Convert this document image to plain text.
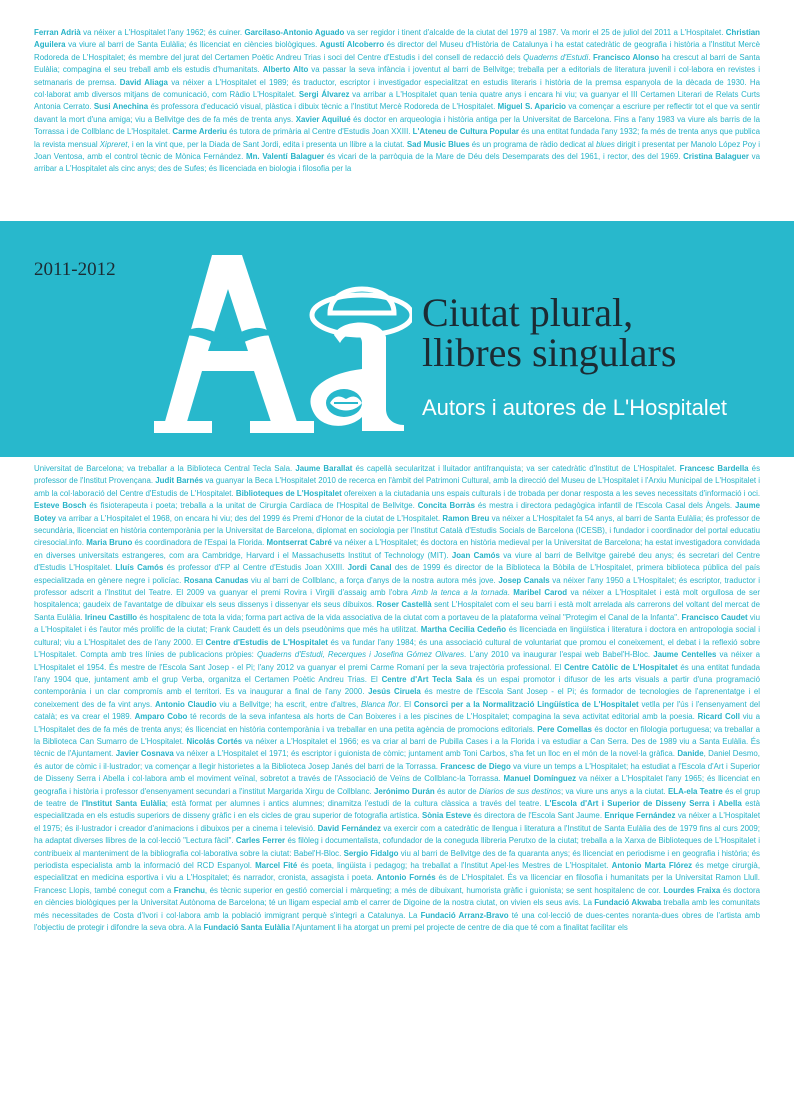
Ferran Adrià va néixer a L'Hospitalet l'any 1962; és cuiner. Garcilaso-Antonio Aguado va ser regidor i tinent d'alcalde de la ciutat del 1979 al 1987. Va morir el 25 de juliol del 2011 a L'Hospitalet. Christian Aguilera va viure al barri de Santa Eulàlia; és llicenciat en ciències biològiques. Agustí Alcoberro és director del Museu d'Història de Catalunya i ha estat catedràtic de geografia i història a l'Institut Mercè Rodoreda de L'Hospitalet; és membre del jurat del Certamen Poètic Andreu Trias i soci del Centre d'Estudis i del consell de redacció dels Quaderns d'Estudi. Francisco Alonso ha crescut al barri de Santa Eulàlia; compagina el seu treball amb els estudis d'humanitats. Alberto Alto va passar la seva infància i joventut al barri de Bellvitge; treballa per a editorials de literatura juvenil i col·labora en revistes i setmanaris de premsa. David Aliaga va néixer a L'Hospitalet el 1989; és traductor, escriptor i investigador especialitzat en estudis literaris i història de la premsa espanyola de la dècada de 1930. Ha col·laborat amb diversos mitjans de comunicació, com Ràdio L'Hospitalet. Sergi Álvarez va arribar a L'Hospitalet quan tenia quatre anys i encara hi viu; va guanyar el III Certamen Literari de Relats Curts Antonia Cerrato. Susi Anechina és professora d'educació visual, plàstica i dibuix tècnic a l'Institut Mercè Rodoreda de L'Hospitalet. Miguel S. Aparicio va començar a escriure per reflectir tot el que va sentir davant la mort d'una amiga; viu a Bellvitge des de fa més de trenta anys. Xavier Aquilué és doctor en arqueologia i història antiga per la Universitat de Barcelona. Fins a l'any 1983 va viure als barris de la Torrassa i de Collblanc de L'Hospitalet. Carme Arderiu és tutora de primària al Centre d'Estudis Joan XXIII. L'Ateneu de Cultura Popular és una entitat fundada l'any 1932; fa més de trenta anys que publica la revista mensual Xipreret, i en la vint que, per la Diada de Sant Jordi, edita i presenta un llibre a la ciutat. Sad Music Blues és un programa de ràdio dedicat al blues dirigit i presentat per Manolo López Poy i Joan Ventosa, amb el control tècnic de Mònica Fernández. Mn. Valentí Balaguer és vicari de la parròquia de la Mare de Déu dels Desemparats des del 1961, i rector, des del 1969. Cristina Balaguer va arribar a L'Hospitalet als cinc anys; des de Sufes; és llicenciada en biologia i filosofia per la
2011-2012
Ciutat plural,
llibres singulars
Autors i autores de L'Hospitalet
Universitat de Barcelona; va treballar a la Biblioteca Central Tecla Sala. Jaume Barallat és capellà secularitzat i lluitador antifranquista; va ser catedràtic d'Institut de L'Hospitalet. Francesc Bardella és professor de l'Institut Provençana. Judit Barnés va guanyar la Beca L'Hospitalet 2010 de recerca en l'àmbit del Patrimoni Cultural, amb la direcció del Museu de L'Hospitalet i l'Arxiu Municipal de L'Hospitalet i amb la col·laboració del Centre d'Estudis de L'Hospitalet. Biblioteques de L'Hospitalet ofereixen a la ciutadania uns espais culturals i de trobada per donar resposta a les seves necessitats d'informació i oci. Esteve Bosch és fisioterapeuta i poeta; treballa a la unitat de Cirurgia Cardíaca de l'Hospital de Bellvitge. Concita Borràs és mestra i directora pedagògica infantil de l'Escola Casal dels Àngels. Jaume Botey va arribar a L'Hospitalet el 1968, on encara hi viu; des del 1999 és Premi d'Honor de la ciutat de L'Hospitalet. Ramon Breu va néixer a L'Hospitalet fa 54 anys, al barri de Santa Eulàlia; és professor de secundària, llicenciat en història contemporània per la Universitat de Barcelona, diplomat en sociologia per l'Institut Català d'Estudis Socials de Barcelona (ICESB), i fundador i coordinador del portal educatiu ciresocial.info. Maria Bruno és coordinadora de l'Espai la Florida. Montserrat Cabré va néixer a L'Hospitalet; és doctora en història medieval per la Universitat de Barcelona; ha estat investigadora convidada en diverses universitats estrangeres, com ara Cambridge, Harvard i el Massachusetts Institut of Technology (MIT). Joan Camós va viure al barri de Bellvitge gairebé deu anys; és secretari del Centre d'Estudis L'Hospitalet. Lluís Camós és professor d'FP al Centre d'Estudis Joan XXIII. Jordi Canal des de 1999 és director de la Biblioteca la Bòbila de L'Hospitalet, primera biblioteca pública del país especialitzada en gènere negre i policíac. Rosana Canudas viu al barri de Collblanc, a força d'anys de la nostra autora més jove. Josep Canals va néixer l'any 1950 a L'Hospitalet; és escriptor, traductor i professor adscrit a l'Institut del Teatre. El 2009 va guanyar el premi Rovira i Virgili d'assaig amb l'obra Amb la tenca a la tornada. Maribel Carod va néixer a L'Hospitalet i està molt orgullosa de ser hospitalenca; gaudeix de l'avantatge de dibuixar els seus dissenys i dissenyar els seus dibuixos. Roser Castellà sent L'Hospitalet com el seu barri i està molt arrelada als carrerons del voltant del mercat de Santa Eulàlia. Irineu Castillo és hospitalenc de tota la vida; forma part activa de la vida associativa de la ciutat com a portaveu de la plataforma veïnal "Protegim el Canal de la Infanta". Francisco Caudet viu a L'Hospitalet i és l'autor més prolífic de la ciutat; Frank Caudett és un dels pseudònims que més ha utilitzat. Martha Cecilia Cedeño és llicenciada en lingüística i literatura i doctora en antropologia social i cultural; viu a L'Hospitalet des de l'any 2000. El Centre d'Estudis de L'Hospitalet és va fundar l'any 1984; és una associació cultural de voluntariat que promou el coneixement, el debat i la reflexió sobre L'Hospitalet. Compta amb tres línies de publicacions pròpies: Quaderns d'Estudi, Recerques i Josefina Gómez Olivares. L'any 2010 va inaugurar l'espai web Babel'H-Bloc. Jaume Centelles va néixer a L'Hospitalet el 1954. És mestre de l'Escola Sant Josep - el Pi; l'any 2012 va guanyar el premi Carme Romaní per la seva trajectòria professional. El Centre Catòlic de L'Hospitalet és una entitat fundada l'any 1904 que, juntament amb el grup Verba, organitza el Certamen Poètic Andreu Trias. El Centre d'Art Tecla Sala és un espai promotor i difusor de les arts visuals a partir d'una programació contemporània i un clar compromís amb el territori. Es va inaugurar a final de l'any 2000. Jesús Ciruela és mestre de l'Escola Sant Josep - el Pi; és formador de tecnologies de l'aprenentatge i el coneixement des de fa vint anys. Antonio Claudio viu a Bellvitge; ha escrit, entre d'altres, Blanca flor. El Consorci per a la Normalització Lingüística de L'Hospitalet vetlla per l'ús i l'ensenyament del català; es va crear el 1989. Amparo Cobo té records de la seva infantesa als horts de Can Boixeres i a les piscines de L'Hospitalet; compagina la seva activitat editorial amb la poesia. Ricard Coll viu a L'Hospitalet des de fa més de trenta anys; és llicenciat en història contemporània i va treballar en una petita agència de promocions editorials. Pere Comellas és doctor en filologia portuguesa; va treballar a la Biblioteca Can Sumarro de L'Hospitalet. Nicolás Cortés va néixer a L'Hospitalet el 1966; es va criar al barri de Pubilla Cases i a la Florida i va estudiar a Can Serra. Des de 1989 viu a Santa Eulàlia. És tècnic de l'Ajuntament. Javier Cosnava va néixer a L'Hospitalet el 1971; és escriptor i guionista de còmic; juntament amb Toni Carbos, s'ha fet un lloc en el món de la novel·la gràfica. Danide, Daniel Desmo, és autor de còmic i il·lustrador; va començar a llegir historietes a la Biblioteca Josep Janés del barri de la Torrassa. Francesc de Diego va viure un temps a L'Hospitalet; ha estudiat a l'Escola d'Art i Superior de Disseny Serra i Abella i col·labora amb el moviment veïnal, sobretot a través de l'Associació de Veïns de Collblanc-la Torrassa. Manuel Domínguez va néixer a L'Hospitalet l'any 1965; és llicenciat en geografia i història i professor d'ensenyament secundari a l'institut Margarida Xirgu de Collblanc. Jerónimo Durán és autor de Diarios de sus destinos; va viure uns anys a la ciutat. ELA-ela Teatre és el grup de teatre de l'Institut Santa Eulàlia; està format per alumnes i antics alumnes; dinamitza l'estudi de la cultura clàssica a través del teatre. L'Escola d'Art i Superior de Disseny Serra i Abella està especialitzada en els estudis superiors de disseny gràfic i en els cicles de grau superior de fotografia artística. Sònia Esteve és directora de l'Escola Sant Jaume. Enrique Fernández va néixer a L'Hospitalet el 1975; és il·lustrador i creador d'animacions i dibuixos per a cinema i televisió. David Fernández va exercir com a catedràtic de llengua i literatura a l'Institut de Santa Eulàlia des de 1979 fins al curs 2009; ha adaptat diverses llibres de la col·lecció "Lectura fàcil". Carles Ferrer és filòleg i documentalista, cofundador de la coneguda llibreria Perutxo de la ciutat; treballa a la Xarxa de Biblioteques de L'Hospitalet i contribueix al manteniment de la bibliografia col·laborativa sobre la ciutat: Babel'H-Bloc. Sergio Fidalgo viu al barri de Bellvitge des de fa quaranta anys; és llicenciat en periodisme i en geografia i història; és periodista especialista amb la informació del RCD Espanyol. Marcel Fité és poeta, lingüista i pedagog; ha treballat a l'Institut Apel·les Mestres de L'Hospitalet. Antonio Marta Flórez és metge cirurgià, especialitzat en medicina esportiva i viu a L'Hospitalet; és narrador, cronista, assagista i poeta. Antonio Fornés és de L'Hospitalet. És va llicenciar en filosofia i humanitats per la Universitat Ramon Llull. Francesc Llopis, també conegut com a Franchu, és tècnic superior en gestió comercial i màrqueting; a més de dibuixant, humorista gràfic i guionista; se sent hospitalenc de cor. Lourdes Fraixa és doctora en ciències biològiques per la Universitat Autònoma de Barcelona; té un lligam especial amb el carrer de Digoine de la nostra ciutat, on vivien els seus avis. La Fundació Akwaba treballa amb les comunitats més necessitades de Costa d'Ivori i col·labora amb la població immigrant perquè s'integri a Catalunya. La Fundació Arranz-Bravo té una col·lecció de dues-centes noranta-dues obres de l'artista amb l'objectiu de protegir i difondre la seva obra. A la Fundació Santa Eulàlia l'Ajuntament li ha atorgat un premi pel projecte de centre de dia que té com a finalitat facilitar els
